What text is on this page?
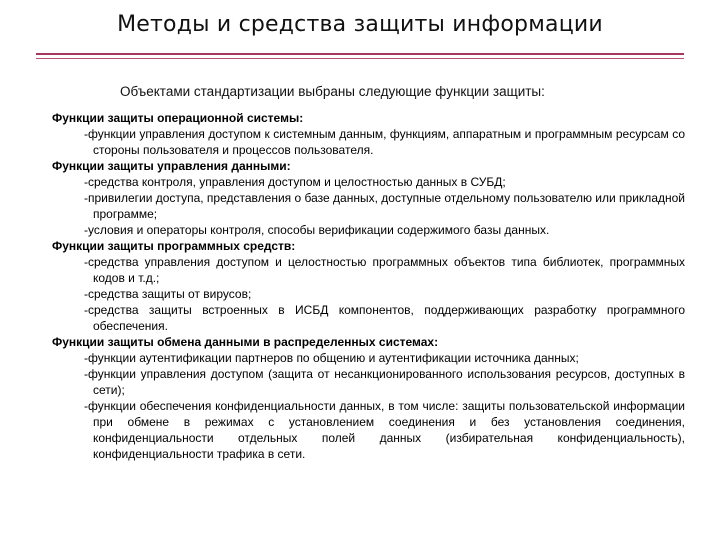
Методы и средства защиты информации
Объектами стандартизации выбраны следующие функции защиты:
Функции защиты операционной системы:
-функции управления доступом к системным данным, функциям, аппаратным и программным ресурсам со стороны пользователя и процессов пользователя.
Функции защиты управления данными:
-средства контроля, управления доступом и целостностью данных в СУБД;
-привилегии доступа, представления о базе данных, доступные отдельному пользователю или прикладной программе;
-условия и операторы контроля, способы верификации содержимого базы данных.
Функции защиты программных средств:
-средства управления доступом и целостностью программных объектов типа библиотек, программных кодов и т.д.;
-средства защиты от вирусов;
-средства защиты встроенных в ИСБД компонентов, поддерживающих разработку программного обеспечения.
Функции защиты обмена данными в распределенных системах:
-функции аутентификации партнеров по общению и аутентификации источника данных;
-функции управления доступом (защита от несанкционированного использования ресурсов, доступных в сети);
-функции обеспечения конфиденциальности данных, в том числе: защиты пользовательской информации при обмене в режимах с установлением соединения и без установления соединения, конфиденциальности отдельных полей данных (избирательная конфиденциальность), конфиденциальности трафика в сети.
